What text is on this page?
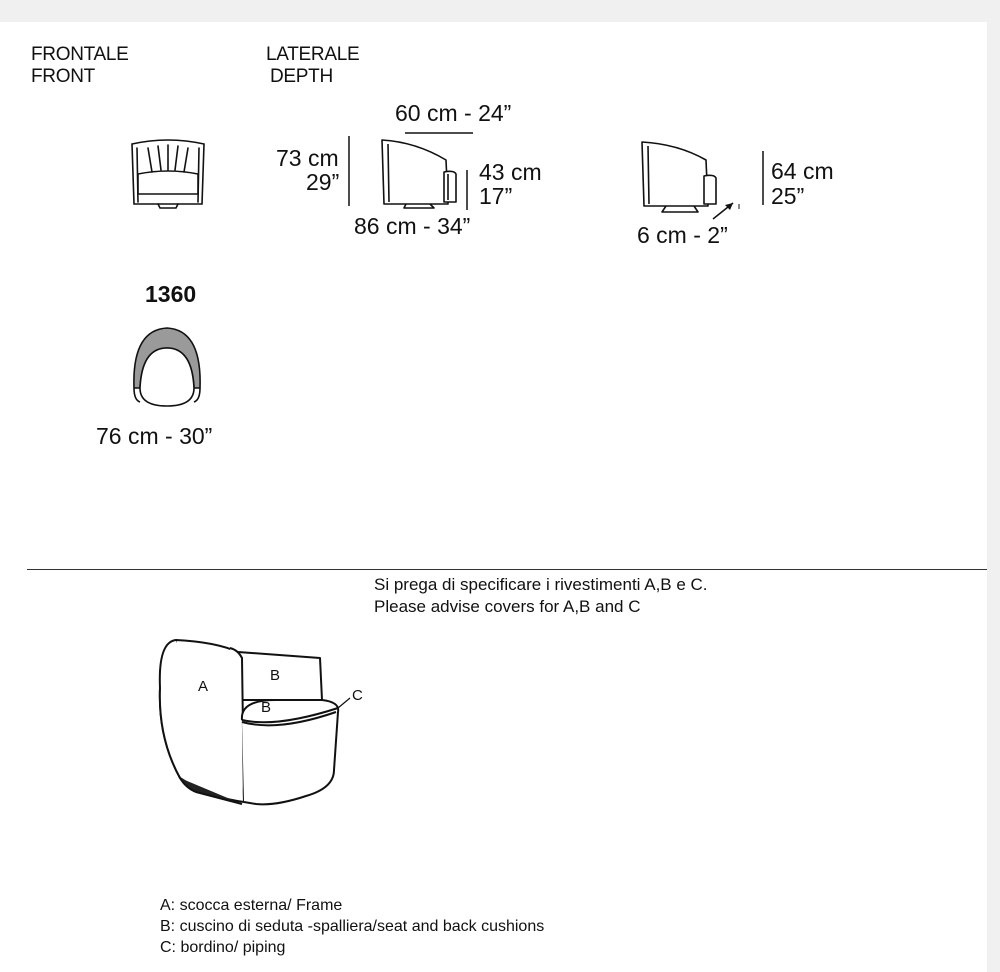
FRONTALE
FRONT
LATERALE
DEPTH
60 cm - 24”
73 cm
29”	43 cm
17”
86 cm - 34”	6 cm - 2”
64 cm
25”
1360
76 cm - 30”
Si prega di specificare i rivestimenti A,B e C.
Please advise covers for A,B and C
A
B
B
C
A: scocca esterna/ Frame
B: cuscino di seduta -spalliera/seat and back cushions
C: bordino/ piping
